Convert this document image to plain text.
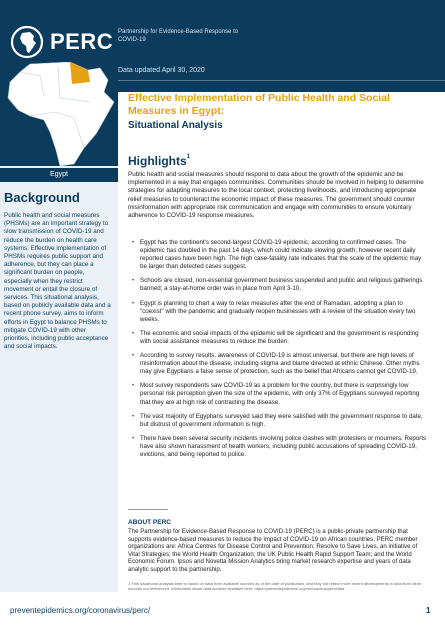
PERC Partnership for Evidence-Based Response to COVID-19
Data updated April 30, 2020
Egypt
Background
Public health and social measures (PHSMs) are an important strategy to slow transmission of COVID-19 and reduce the burden on health care systems. Effective implementation of PHSMs requires public support and adherence, but they can place a significant burden on people, especially when they restrict movement or entail the closure of services. This situational analysis, based on publicly available data and a recent phone survey, aims to inform efforts in Egypt to balance PHSMs to mitigate COVID-19 with other priorities, including public acceptance and social impacts.
Effective Implementation of Public Health and Social Measures in Egypt:
Situational Analysis
Highlights$^1$
Public health and social measures should respond to data about the growth of the epidemic and be implemented in a way that engages communities. Communities should be involved in helping to determine strategies for adapting measures to the local context, protecting livelihoods, and introducing appropriate relief measures to counteract the economic impact of these measures. The government should counter misinformation with appropriate risk communication and engage with communities to ensure voluntary adherence to COVID-19 response measures.
• Egypt has the continent's second-largest COVID-19 epidemic, according to confirmed cases. The epidemic has doubled in the past 14 days, which could indicate slowing growth; however recent daily reported cases have been high. The high case-fatality rate indicates that the scale of the epidemic may be larger than detected cases suggest.
• Schools are closed, non-essential government business suspended and public and religious gatherings banned; a stay-at-home order was in place from April 3-10.
• Egypt is planning to chart a way to relax measures after the end of Ramadan, adopting a plan to "coexist" with the pandemic and gradually reopen businesses with a review of the situation every two weeks.
• The economic and social impacts of the epidemic will be significant and the government is responding with social assistance measures to reduce the burden.
• According to survey results, awareness of COVID-19 is almost universal, but there are high levels of misinformation about the disease, including stigma and blame directed at ethnic Chinese. Other myths may give Egyptians a false sense of protection, such as the belief that Africans cannot get COVID-19.
• Most survey respondents saw COVID-19 as a problem for the country, but there is surprisingly low personal risk perception given the size of the epidemic, with only 37% of Egyptians surveyed reporting that they are at high risk of contracting the disease.
• The vast majority of Egyptians surveyed said they were satisfied with the government response to date, but distrust of government information is high.
• There have been several security incidents involving police clashes with protesters or mourners. Reports have also shown harassment of health workers, including public accusations of spreading COVID-19, evictions, and being reported to police.
ABOUT PERC
The Partnership for Evidence-Based Response to COVID-19 (PERC) is a public-private partnership that supports evidence-based measures to reduce the impact of COVID-19 on African countries. PERC member organizations are: Africa Centres for Disease Control and Prevention; Resolve to Save Lives, an initiative of Vital Strategies; the World Health Organization; the UK Public Health Rapid Support Team; and the World Economic Forum. Ipsos and Novetta Mission Analytics bring market research expertise and years of data analytic support to the partnership.
1 This situational analysis brief is based on data from available sources as of the date of publication, and may not reflect more recent developments in data from other sources not referenced. Information about data sources available here: https://preventepidemics.org/coronavirus/perc/data
preventepidemics.org/coronavirus/perc/	1
